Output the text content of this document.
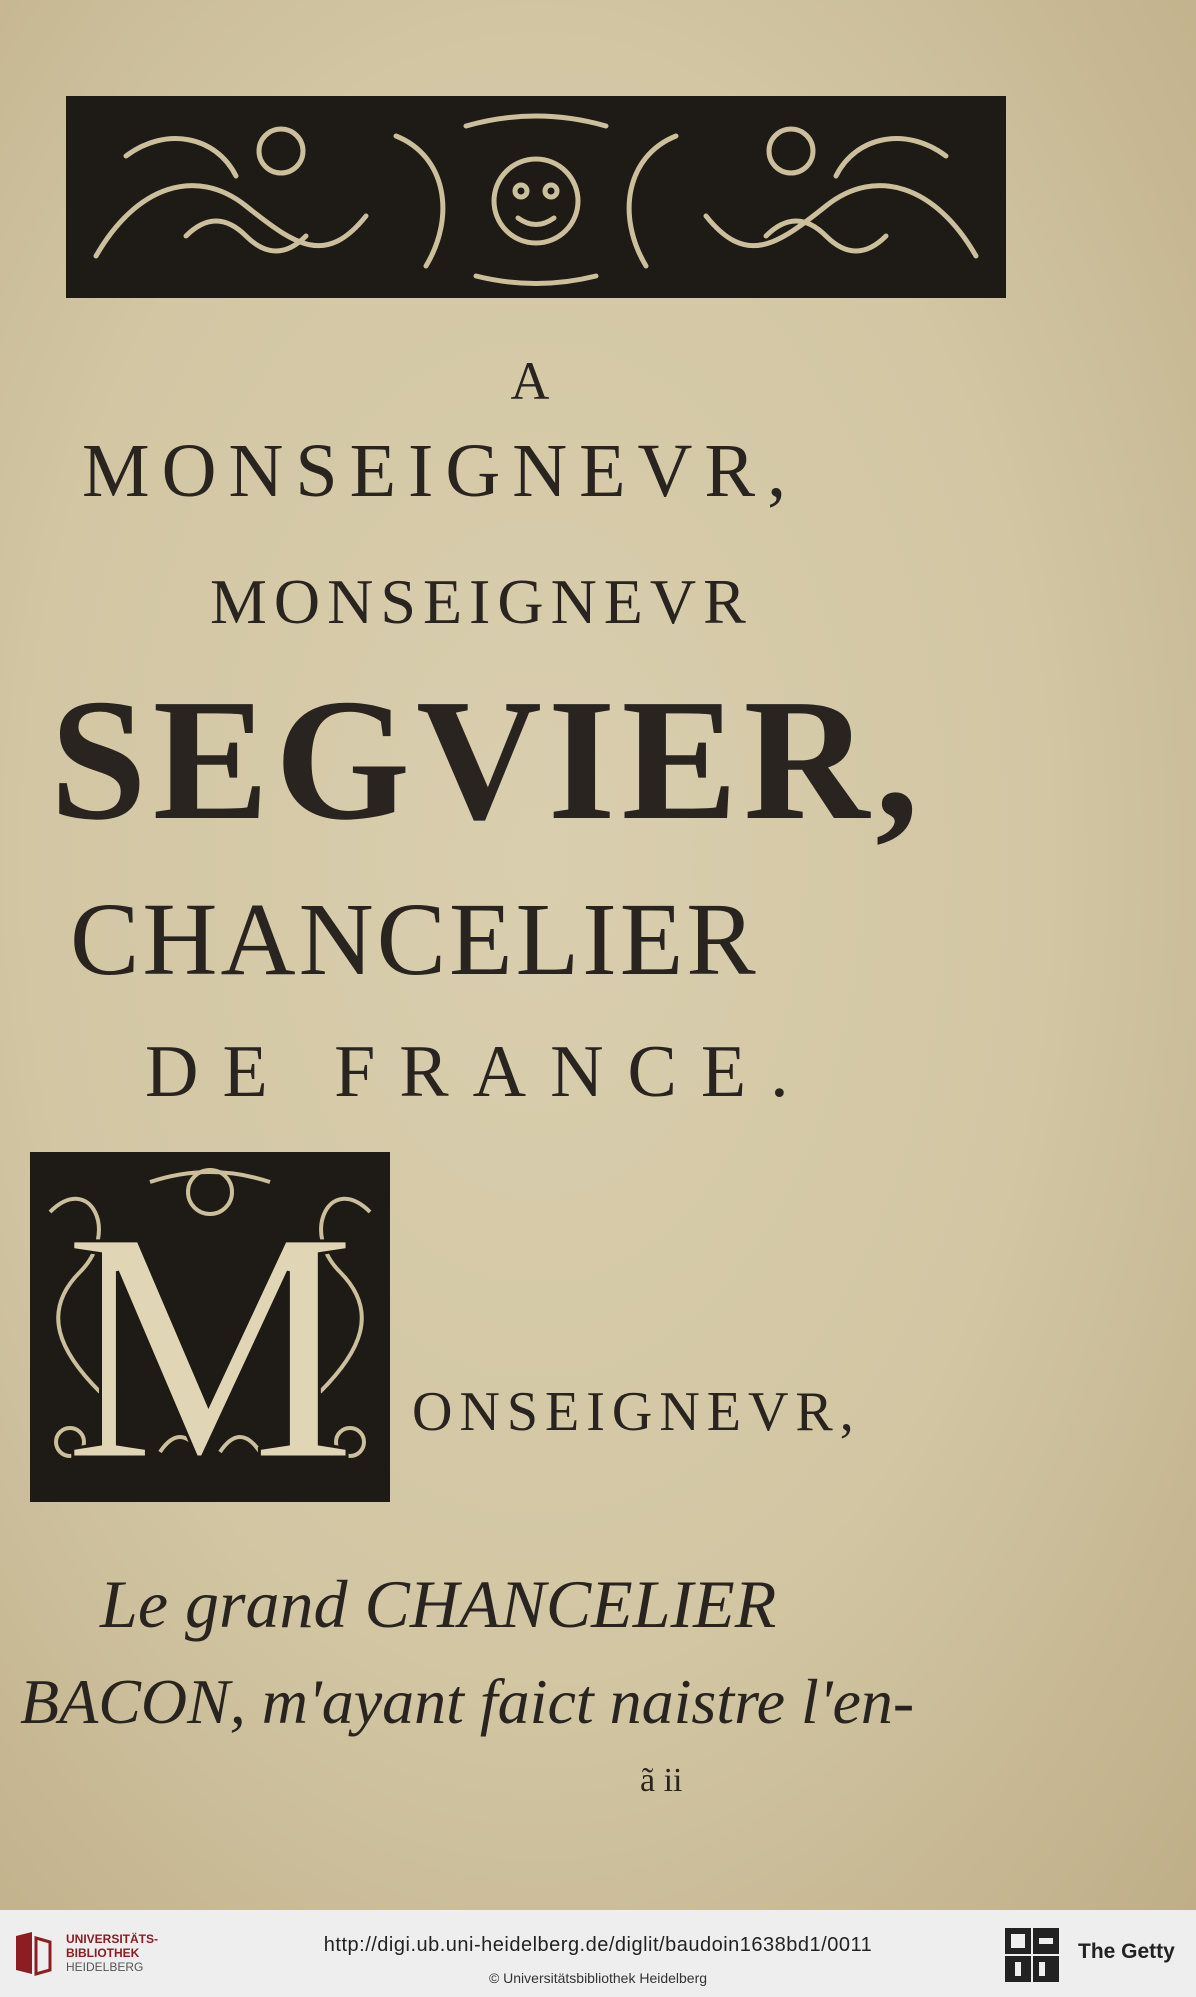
A
MONSEIGNEVR,
MONSEIGNEVR
SEGVIER,
CHANCELIER
DE FRANCE.
M ONSEIGNEVR,
Le grand CHANCELIER
BACON, m'ayant faict naistre l'en-
ã ii
UNIVERSITÄTS-
BIBLIOTHEK
HEIDELBERG
http://digi.ub.uni-heidelberg.de/diglit/baudoin1638bd1/0011
© Universitätsbibliothek Heidelberg
The Getty
